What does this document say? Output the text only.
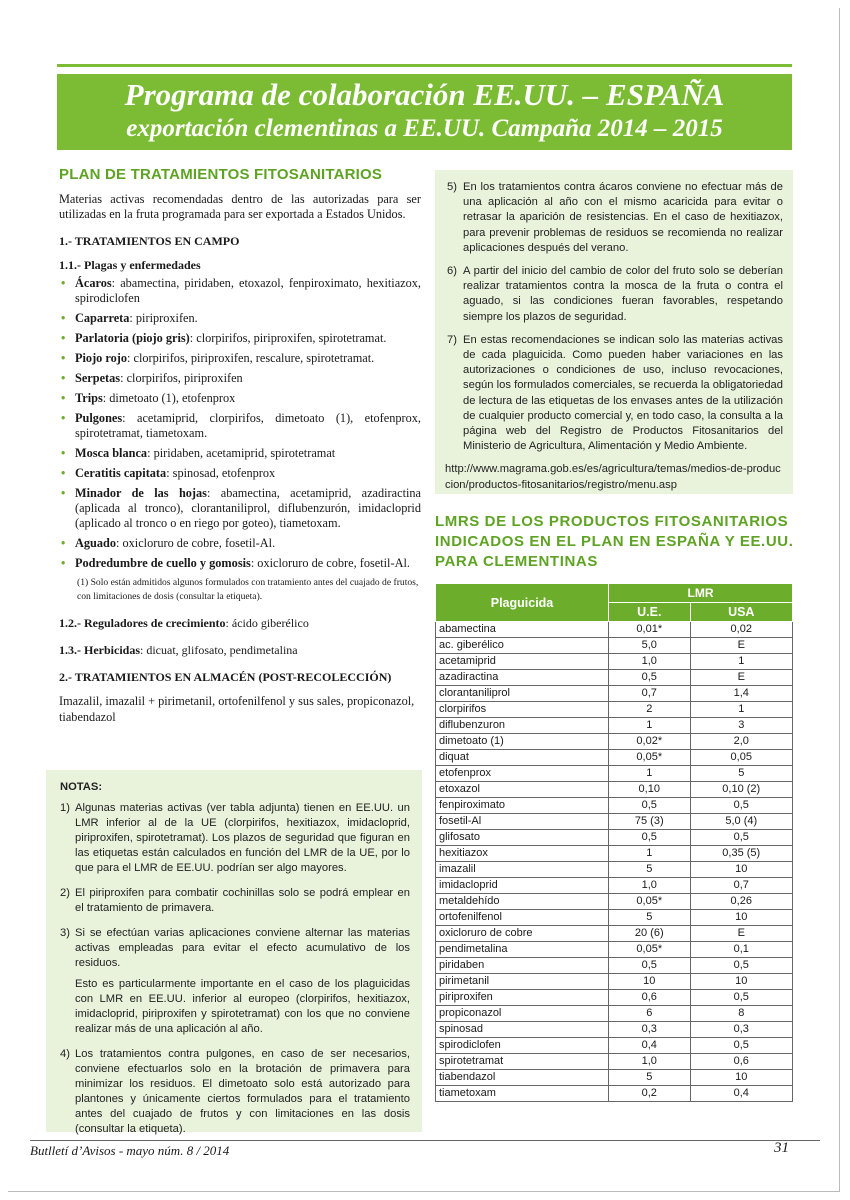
Programa de colaboración EE.UU. – ESPAÑA
exportación clementinas a EE.UU. Campaña 2014 – 2015
PLAN DE TRATAMIENTOS FITOSANITARIOS

Materias activas recomendadas dentro de las autorizadas para ser utilizadas en la fruta programada para ser exportada a Estados Unidos.

1.- TRATAMIENTOS EN CAMPO
1.1.- Plagas y enfermedades
• Ácaros: abamectina, piridaben, etoxazol, fenpiroximato, hexitiazox, spirodiclofen
• Caparreta: piriproxifen.
• Parlatoria (piojo gris): clorpirifos, piriproxifen, spirotetramat.
• Piojo rojo: clorpirifos, piriproxifen, rescalure, spirotetramat.
• Serpetas: clorpirifos, piriproxifen
• Trips: dimetoato (1), etofenprox
• Pulgones: acetamiprid, clorpirifos, dimetoato (1), etofenprox, spirotetramat, tiametoxam.
• Mosca blanca: piridaben, acetamiprid, spirotetramat
• Ceratitis capitata: spinosad, etofenprox
• Minador de las hojas: abamectina, acetamiprid, azadiractina (aplicada al tronco), clorantaniliprol, diflubenzurón, imidacloprid (aplicado al tronco o en riego por goteo), tiametoxam.
• Aguado: oxicloruro de cobre, fosetil-Al.
• Podredumbre de cuello y gomosis: oxicloruro de cobre, fosetil-Al.
(1) Solo están admitidos algunos formulados con tratamiento antes del cuajado de frutos, con limitaciones de dosis (consultar la etiqueta).
1.2.- Reguladores de crecimiento: ácido giberélico
1.3.- Herbicidas: dicuat, glifosato, pendimetalina
2.- TRATAMIENTOS EN ALMACÉN (POST-RECOLECCIÓN)

Imazalil, imazalil + pirimetanil, ortofenilfenol y sus sales, propiconazol, tiabendazol

NOTAS:
1) Algunas materias activas (ver tabla adjunta) tienen en EE.UU. un LMR inferior al de la UE (clorpirifos, hexitiazox, imidacloprid, piriproxifen, spirotetramat). Los plazos de seguridad que figuran en las etiquetas están calculados en función del LMR de la UE, por lo que para el LMR de EE.UU. podrían ser algo mayores.
2) El piriproxifen para combatir cochinillas solo se podrá emplear en el tratamiento de primavera.
3) Si se efectúan varias aplicaciones conviene alternar las materias activas empleadas para evitar el efecto acumulativo de los residuos.
Esto es particularmente importante en el caso de los plaguicidas con LMR en EE.UU. inferior al europeo (clorpirifos, hexitiazox, imidacloprid, piriproxifen y spirotetramat) con los que no conviene realizar más de una aplicación al año.
4) Los tratamientos contra pulgones, en caso de ser necesarios, conviene efectuarlos solo en la brotación de primavera para minimizar los residuos. El dimetoato solo está autorizado para plantones y únicamente ciertos formulados para el tratamiento antes del cuajado de frutos y con limitaciones en las dosis (consultar la etiqueta).
5) En los tratamientos contra ácaros conviene no efectuar más de una aplicación al año con el mismo acaricida para evitar o retrasar la aparición de resistencias. En el caso de hexitiazox, para prevenir problemas de residuos se recomienda no realizar aplicaciones después del verano.
6) A partir del inicio del cambio de color del fruto solo se deberían realizar tratamientos contra la mosca de la fruta o contra el aguado, si las condiciones fueran favorables, respetando siempre los plazos de seguridad.
7) En estas recomendaciones se indican solo las materias activas de cada plaguicida. Como pueden haber variaciones en las autorizaciones o condiciones de uso, incluso revocaciones, según los formulados comerciales, se recuerda la obligatoriedad de lectura de las etiquetas de los envases antes de la utilización de cualquier producto comercial y, en todo caso, la consulta a la página web del Registro de Productos Fitosanitarios del Ministerio de Agricultura, Alimentación y Medio Ambiente.
http://www.magrama.gob.es/es/agricultura/temas/medios-de-produccion/productos-fitosanitarios/registro/menu.asp
LMRS DE LOS PRODUCTOS FITOSANITARIOS INDICADOS EN EL PLAN EN ESPAÑA Y EE.UU. PARA CLEMENTINAS
Plaguicida	LMR	
	U.E.	USA
abamectina	0,01*	0,02
ac. giberélico	5,0	E
acetamiprid	1,0	1
azadiractina	0,5	E
clorantaniliprol	0,7	1,4
clorpirifos	2	1
diflubenzuron	1	3
dimetoato (1)	0,02*	2,0
diquat	0,05*	0,05
etofenprox	1	5
etoxazol	0,10	0,10 (2)
fenpiroximato	0,5	0,5
fosetil-Al	75 (3)	5,0 (4)
glifosato	0,5	0,5
hexitiazox	1	0,35 (5)
imazalil	5	10
imidacloprid	1,0	0,7
metaldehído	0,05*	0,26
ortofenilfenol	5	10
oxicloruro de cobre	20 (6)	E
pendimetalina	0,05*	0,1
piridaben	0,5	0,5
pirimetanil	10	10
piriproxifen	0,6	0,5
propiconazol	6	8
spinosad	0,3	0,3
spirodiclofen	0,4	0,5
spirotetramat	1,0	0,6
tiabendazol	5	10
tiametoxam	0,2	0,4
Butlletí d’Avisos - mayo núm. 8 / 2014	31
